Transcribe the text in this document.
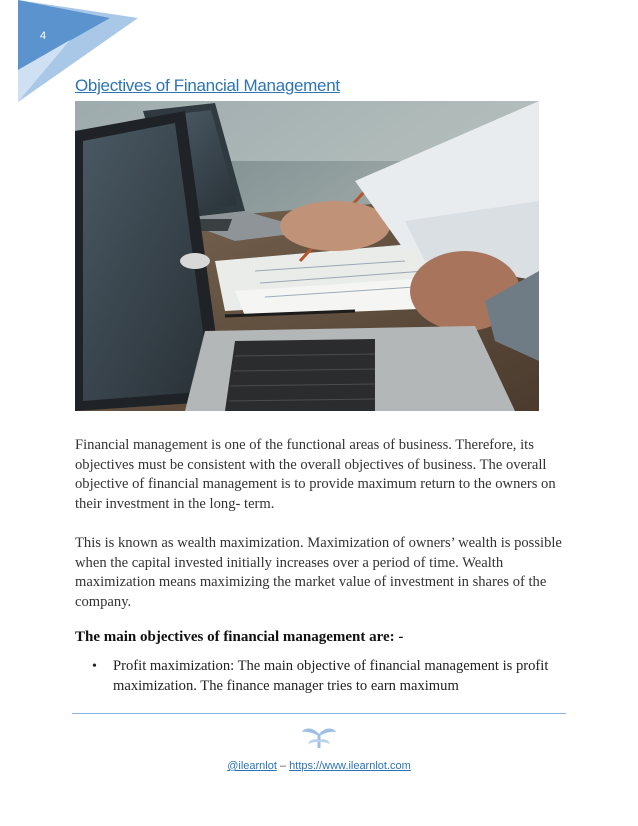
4
Objectives of Financial Management

Financial management is one of the functional areas of business. Therefore, its objectives must be consistent with the overall objectives of business. The overall objective of financial management is to provide maximum return to the owners on their investment in the long- term.

This is known as wealth maximization. Maximization of owners’ wealth is possible when the capital invested initially increases over a period of time. Wealth maximization means maximizing the market value of investment in shares of the company.

The main objectives of financial management are: -
• Profit maximization: The main objective of financial management is profit maximization. The finance manager tries to earn maximum
@ilearnlot – https://www.ilearnlot.com
